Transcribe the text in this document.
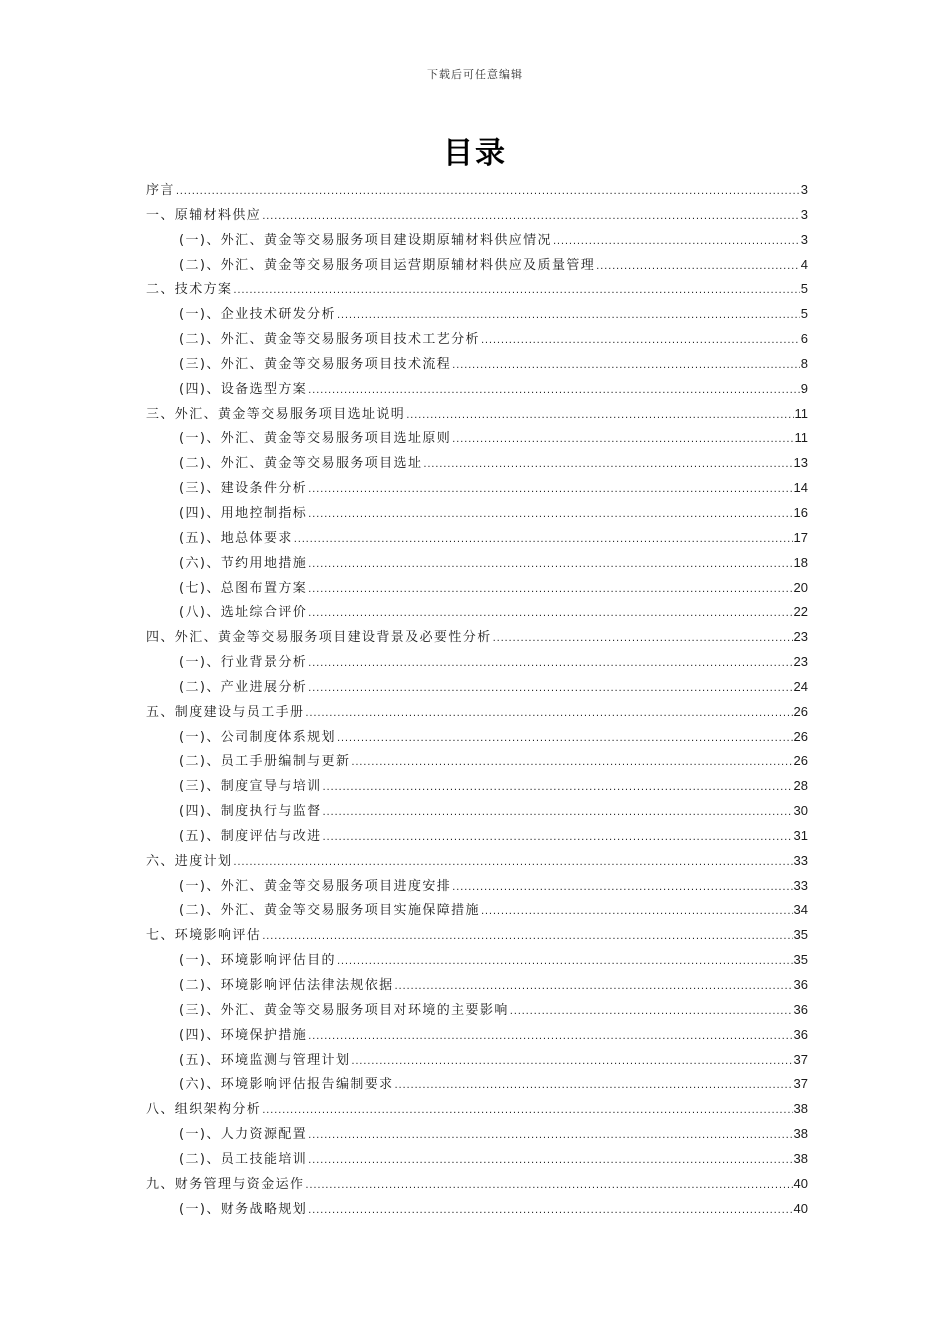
下载后可任意编辑
目录
序言 .....	3
一、原辅材料供应 .....	3
(一)、外汇、黄金等交易服务项目建设期原辅材料供应情况 .....	3
(二)、外汇、黄金等交易服务项目运营期原辅材料供应及质量管理 .....	4
二、技术方案 .....	5
(一)、企业技术研发分析 .....	5
(二)、外汇、黄金等交易服务项目技术工艺分析 .....	6
(三)、外汇、黄金等交易服务项目技术流程 .....	8
(四)、设备选型方案 .....	9
三、外汇、黄金等交易服务项目选址说明 .....	11
(一)、外汇、黄金等交易服务项目选址原则 .....	11
(二)、外汇、黄金等交易服务项目选址 .....	13
(三)、建设条件分析 .....	14
(四)、用地控制指标 .....	16
(五)、地总体要求 .....	17
(六)、节约用地措施 .....	18
(七)、总图布置方案 .....	20
(八)、选址综合评价 .....	22
四、外汇、黄金等交易服务项目建设背景及必要性分析 .....	23
(一)、行业背景分析 .....	23
(二)、产业进展分析 .....	24
五、制度建设与员工手册 .....	26
(一)、公司制度体系规划 .....	26
(二)、员工手册编制与更新 .....	26
(三)、制度宣导与培训 .....	28
(四)、制度执行与监督 .....	30
(五)、制度评估与改进 .....	31
六、进度计划 .....	33
(一)、外汇、黄金等交易服务项目进度安排 .....	33
(二)、外汇、黄金等交易服务项目实施保障措施 .....	34
七、环境影响评估 .....	35
(一)、环境影响评估目的 .....	35
(二)、环境影响评估法律法规依据 .....	36
(三)、外汇、黄金等交易服务项目对环境的主要影响 .....	36
(四)、环境保护措施 .....	36
(五)、环境监测与管理计划 .....	37
(六)、环境影响评估报告编制要求 .....	37
八、组织架构分析 .....	38
(一)、人力资源配置 .....	38
(二)、员工技能培训 .....	38
九、财务管理与资金运作 .....	40
(一)、财务战略规划 .....	40
